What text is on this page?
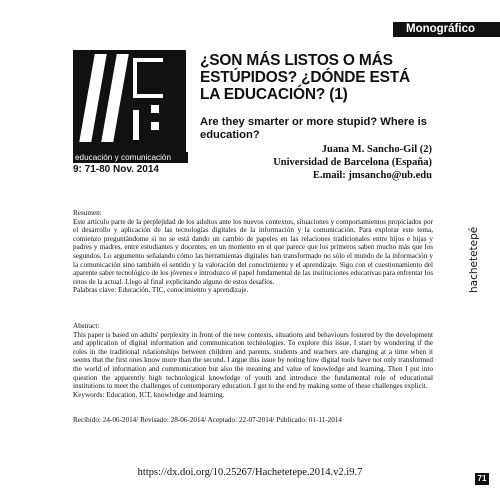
Monográfico
educación y comunicación
9: 71-80 Nov. 2014
¿SON MÁS LISTOS O MÁS ESTÚPIDOS? ¿DÓNDE ESTÁ LA EDUCACIÓN? (1)
Are they smarter or more stupid? Where is education?
Juana M. Sancho-Gil (2)
Universidad de Barcelona (España)
E.mail: jmsancho@ub.edu
Resumen:
Este artículo parte de la perplejidad de los adultos ante los nuevos contextos, situaciones y comportamientos propiciados por el desarrollo y aplicación de las tecnologías digitales de la información y la comunicación. Para explorar este tema, comienzo preguntándome si no se está dando un cambio de papeles en las relaciones tradicionales entre hijos e hijas y padres y madres, entre estudiantes y docentes, en un momento en el que parece que los primeros saben mucho más que los segundos. Lo argumento señalando cómo las herramientas digitales han transformado no sólo el mundo de la información y la comunicación sino también el sentido y la valoración del conocimiento y el aprendizaje. Sigo con el cuestionamiento del aparente saber tecnológico de los jóvenes e introduzco el papel fundamental de las instituciones educativas para enfrentar los retos de la actual. Llego al final explicitando alguno de estos desafíos.
Palabras clave: Educación, TIC, conocimiento y aprendizaje.
Abstract:
This paper is based on adults' perplexity in front of the new contexts, situations and behaviours fostered by the development and application of digital information and communication technologies. To explore this issue, I start by wondering if the roles in the traditional relationships between children and parents, students and teachers are changing at a time when it seems that the first ones know more than the second. I argue this issue by noting how digital tools have not only transformed the world of information and communication but also the meaning and value of knowledge and learning. Then I put into question the apparently high technological knowledge of youth and introduce the fundamental role of educational institutions to meet the challenges of contemporary education. I get to the end by making some of these challenges explicit.
Keywords: Education, ICT, knowledge and learning.
Recibido: 24-06-2014/ Revisado: 28-06-2014/ Aceptado: 22-07-2014/ Publicado: 01-11-2014
hachetetepé
https://dx.doi.org/10.25267/Hachetetepe.2014.v2.i9.7
71
